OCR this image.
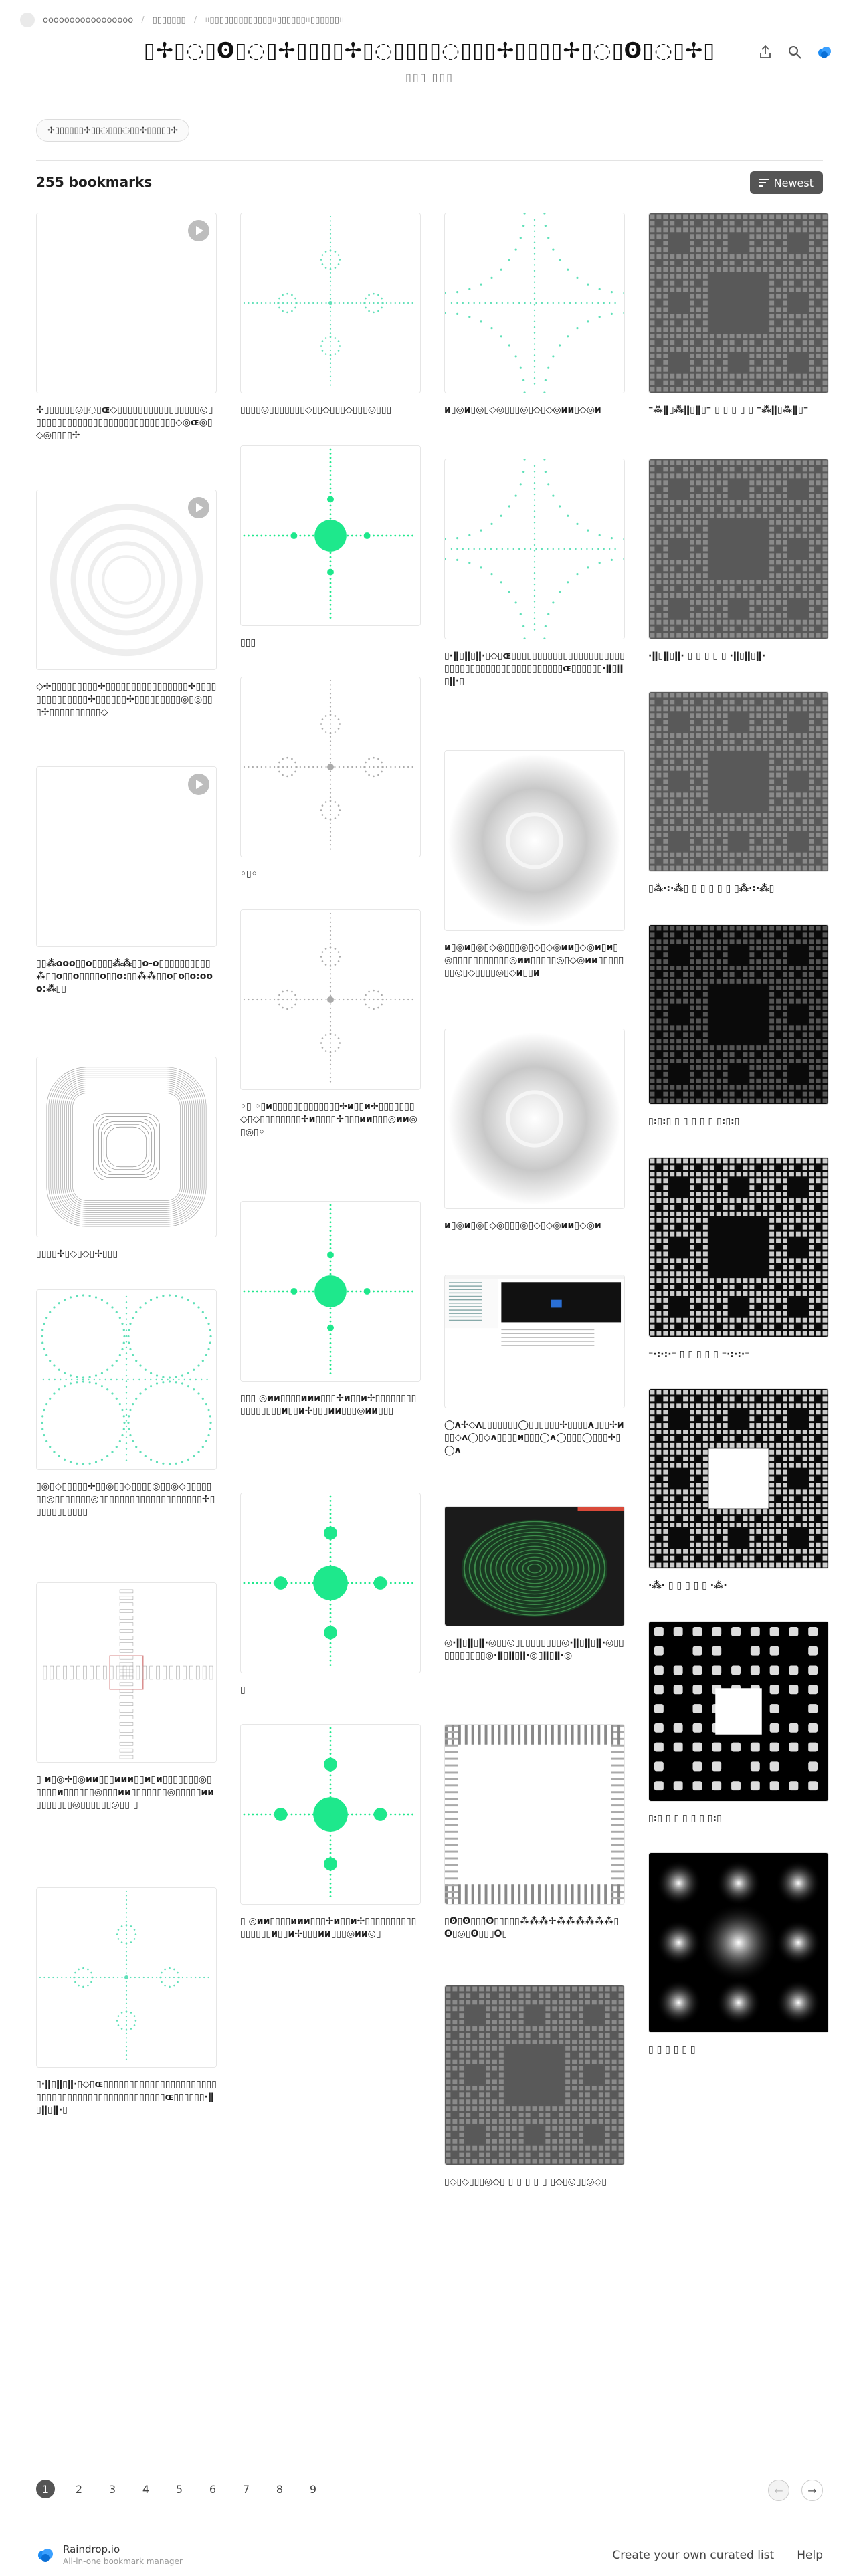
ooooooooooooooooo / ▯▯▯▯▯▯▯ / ⌗▯▯▯▯▯▯▯▯▯▯▯▯▯⌗▯▯▯▯▯▯⌗▯▯▯▯▯▯⌗
▯✢▯◌▯ʘ▯◌▯✢▯▯▯▯✢▯◌▯▯▯▯◌▯▯▯✢▯▯▯▯✢▯◌▯ʘ▯◌▯✢▯
▯▯▯ ▯▯▯
✢▯▯▯▯▯▯✢▯▯◌▯▯▯◌▯▯✢▯▯▯▯▯✢
255 bookmarks	Newest
✢▯▯▯▯▯▯◎▯◌▯ɶ◇▯▯▯▯▯▯▯▯▯▯▯▯▯▯▯▯◎▯▯▯▯▯▯▯▯▯▯▯▯▯▯▯▯▯▯▯▯▯▯▯▯▯▯▯▯◇◎ɶ◎▯◇◎▯▯▯▯✢
◇✢▯▯▯▯▯▯▯▯▯✢▯▯▯▯▯▯▯▯▯▯▯▯▯▯▯▯✢▯▯▯▯▯▯▯▯▯▯▯▯▯▯✢▯▯▯▯▯▯✢▯▯▯▯▯▯▯▯▯◎▯◎▯▯▯✢▯▯▯▯▯▯▯▯▯▯◇
▯▯⁂ooo▯▯o▯▯▯▯⁂⁂▯▯o-o▯▯▯▯▯▯▯▯▯▯⁂▯▯o▯▯o▯▯▯▯o▯▯o:▯▯⁂⁂▯▯o▯o▯o:ooo:⁂▯▯
▯▯▯▯✢▯◇▯◇▯✢▯▯▯
▯◎▯◇▯▯▯▯▯✢▯▯◎▯▯◇▯▯▯▯◎▯▯◎◇▯▯▯▯▯▯▯◎▯▯▯▯▯▯▯◎▯▯▯▯▯▯▯▯▯▯▯▯▯▯▯▯▯▯▯▯✢▯▯▯▯▯▯▯▯▯▯▯
▯ ᴎ▯◎✢▯◎ᴎᴎ▯▯▯ᴎᴎᴎ▯▯ᴎ▯ᴎ▯▯▯▯▯▯▯◎▯▯▯▯▯ᴎ▯▯▯▯▯▯◎▯▯▯ᴎᴎ▯▯▯▯▯▯▯◎▯▯▯▯▯ᴎᴎ▯▯▯▯▯▯▯◎▯▯▯▯▯▯◎▯▯ ▯
▯·ǁ▯ǁ▯ǁ·▯◇▯ɶ▯▯▯▯▯▯▯▯▯▯▯▯▯▯▯▯▯▯▯▯▯▯▯▯▯▯▯▯▯▯▯▯▯▯▯▯▯▯▯▯▯▯▯▯▯▯▯ɶ▯▯▯▯▯▯·ǁ▯ǁ▯ǁ·▯
▯▯▯▯◎▯▯▯▯▯▯▯◇▯▯◇▯▯▯◇▯▯▯◎▯▯▯
▯▯▯
◦▯◦
◦▯ ◦▯ᴎ▯▯▯▯▯▯▯▯▯▯▯▯▯✢ᴎ▯▯ᴎ✢▯▯▯▯▯▯▯◇▯◇▯▯▯▯▯▯▯▯✢ᴎ▯▯▯▯✢▯▯▯ᴎᴎ▯▯▯◎ᴎᴎ◎▯◎▯◦
▯▯▯ ◎ᴎᴎ▯▯▯▯ᴎᴎᴎ▯▯▯✢ᴎ▯▯ᴎ✢▯▯▯▯▯▯▯▯▯▯▯▯▯▯▯▯ᴎ▯▯ᴎ✢▯▯▯ᴎᴎ▯▯▯◎ᴎᴎ▯▯▯
▯
▯ ◎ᴎᴎ▯▯▯▯ᴎᴎᴎ▯▯▯✢ᴎ▯▯ᴎ✢▯▯▯▯▯▯▯▯▯▯▯▯▯▯▯▯ᴎ▯▯ᴎ✢▯▯▯ᴎᴎ▯▯▯◎ᴎᴎ◎▯
ᴎ▯◎ᴎ▯◎▯◇◎▯▯▯◎▯◇▯◇◎ᴎᴎ▯◇◎ᴎ
▯·ǁ▯ǁ▯ǁ·▯◇▯ɶ▯▯▯▯▯▯▯▯▯▯▯▯▯▯▯▯▯▯▯▯▯▯▯▯▯▯▯▯▯▯▯▯▯▯▯▯▯▯▯▯▯▯▯▯▯ɶ▯▯▯▯▯▯·ǁ▯ǁ▯ǁ·▯
ᴎ▯◎ᴎ▯◎▯◇◎▯▯▯◎▯◇▯◇◎ᴎᴎ▯◇◎ᴎ▯ᴎ▯◎▯▯▯▯▯▯▯▯▯▯▯◎ᴎᴎ▯▯▯▯▯◎▯◇◎ᴎᴎ▯▯▯▯▯▯▯◎▯◇▯▯▯▯◎▯◇ᴎ▯▯ᴎ
ᴎ▯◎ᴎ▯◎▯◇◎▯▯▯◎▯◇▯◇◎ᴎᴎ▯◇◎ᴎ
◯ʌ✢◇ʌ▯▯▯▯▯▯▯◯▯▯▯▯▯▯✢▯▯▯▯ʌ▯▯▯✢ᴎ▯▯◇ʌ◯▯◇ʌ▯▯▯▯ᴎ▯▯▯◯ʌ◯▯▯▯◯▯▯▯✢▯◯ʌ
◎·ǁ▯ǁ▯ǁ·◎▯▯◎▯▯▯▯▯▯▯▯▯◎·ǁ▯ǁ▯ǁ·◎▯▯▯▯▯▯▯▯▯▯◎·ǁ▯ǁ▯ǁ·◎▯ǁ▯ǁ·◎
▯ʘ▯ʘ▯▯▯ʘ▯▯▯▯▯⁂⁂⁂✢⁂⁂⁂⁂⁂⁂▯ʘ▯◎▯ʘ▯▯▯ʘ▯
▯◇▯◇▯▯▯◎◇▯ ▯ ▯ ▯ ▯ ▯ ▯◇▯◎▯▯◎◇▯
⁼⁂ǁ▯⁂ǁ▯ǁ▯⁼ ▯ ▯ ▯ ▯ ▯ ⁼⁂ǁ▯⁂ǁ▯⁼
·ǁ▯ǁ▯ǁ· ▯ ▯ ▯ ▯ ▯ ·ǁ▯ǁ▯ǁ·
▯⁂·:·⁂▯ ▯ ▯ ▯ ▯ ▯ ▯⁂·:·⁂▯
▯:▯:▯ ▯ ▯ ▯ ▯ ▯ ▯:▯:▯
⁼·:·:·⁼ ▯ ▯ ▯ ▯ ▯ ⁼·:·:·⁼
·⁂· ▯ ▯ ▯ ▯ ▯ ·⁂·
▯:▯ ▯ ▯ ▯ ▯ ▯ ▯:▯
▯ ▯ ▯ ▯ ▯ ▯
1	2	3	4	5	6	7	8	9	←	→
Raindrop.io
All-in-one bookmark manager	Create your own curated list Help
